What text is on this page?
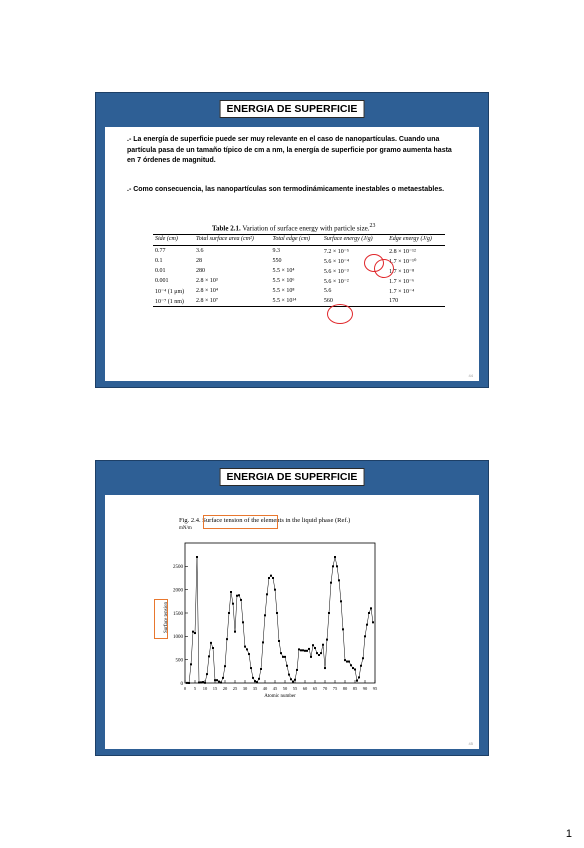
ENERGIA DE SUPERFICIE
.- La energía de superficie puede ser muy relevante en el caso de nanopartículas. Cuando una partícula pasa de un tamaño típico de cm a nm, la energía de superficie por gramo aumenta hasta en 7 órdenes de magnitud.
.- Como consecuencia, las nanopartículas son termodinámicamente inestables o metaestables.
Table 2.1. Variation of surface energy with particle size.$^{23}$
Side (cm)	Total surface area (cm²)	Total edge (cm)	Surface energy (J/g)	Edge energy (J/g)
0.77	3.6	9.3	7.2 × 10⁻⁵	2.8 × 10⁻¹²
0.1	28	550	5.6 × 10⁻⁴	1.7 × 10⁻¹⁰
0.01	280	5.5 × 10⁴	5.6 × 10⁻³	1.7 × 10⁻⁸
0.001	2.8 × 10³	5.5 × 10⁶	5.6 × 10⁻²	1.7 × 10⁻⁶
10⁻⁴ (1 μm)	2.8 × 10⁴	5.5 × 10⁸	5.6	1.7 × 10⁻⁴
10⁻⁷ (1 nm)	2.8 × 10⁷	5.5 × 10¹⁴	560	170
44
ENERGIA DE SUPERFICIE
Fig. 2.4. Surface tension of the elements in the liquid phase (Ref.)
mN/m
Surface tension
0
500
1000
1500
2000
2500
0 5 10 15 20 25 30 35 40 45 50 55 60 65 70 75 80 85 90 95
Atomic number
45
1
